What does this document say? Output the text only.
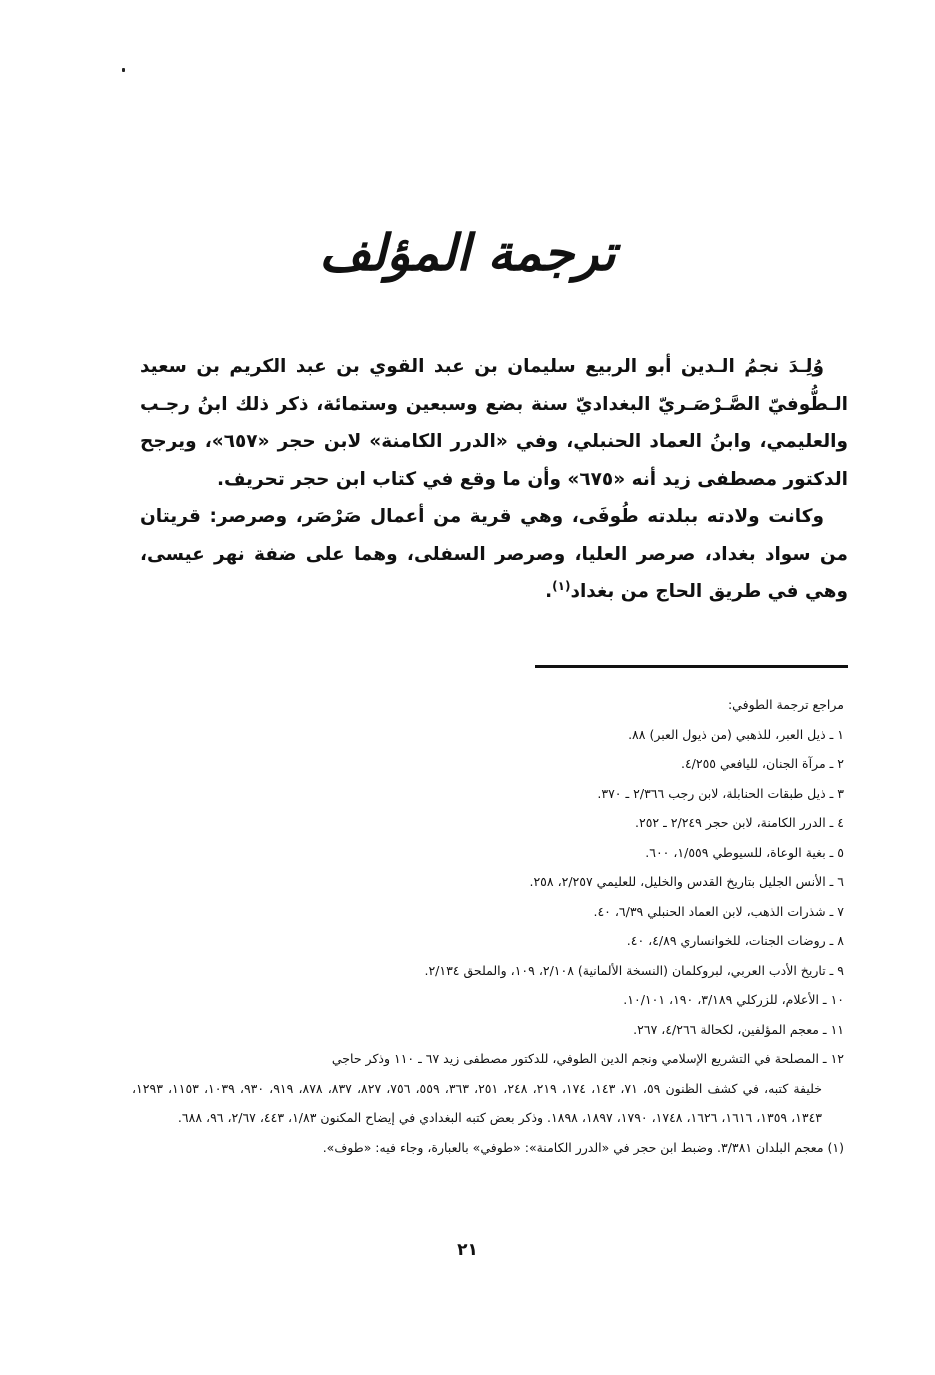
ترجمة المؤلف

وُلِـدَ نجمُ الـدين أبو الربيع سليمان بن عبد القوي بن عبد الكريم بن سعيد الـطُّوفيّ الصَّـرْصَـريّ البغداديّ سنة بضع وسبعين وستمائة، ذكر ذلك ابنُ رجـب والعليمي، وابنُ العماد الحنبلي، وفي «الدرر الكامنة» لابن حجر «٦٥٧»، ويرجح الدكتور مصطفى زيد أنه «٦٧٥» وأن ما وقع في كتاب ابن حجر تحريف.

وكانت ولادته ببلدته طُوفَى، وهي قرية من أعمال صَرْصَر، وصرصر: قريتان من سواد بغداد، صرصر العليا، وصرصر السفلى، وهما على ضفة نهر عيسى، وهي في طريق الحاج من بغداد$^{(١)}$.

مراجع ترجمة الطوفي:
١ ـ ذيل العبر، للذهبي (من ذيول العبر) ٨٨.
٢ ـ مرآة الجنان، لليافعي ٤/٢٥٥.
٣ ـ ذيل طبقات الحنابلة، لابن رجب ٢/٣٦٦ ـ ٣٧٠.
٤ ـ الدرر الكامنة، لابن حجر ٢/٢٤٩ ـ ٢٥٢.
٥ ـ بغية الوعاة، للسيوطي ١/٥٥٩، ٦٠٠.
٦ ـ الأنس الجليل بتاريخ القدس والخليل، للعليمي ٢/٢٥٧، ٢٥٨.
٧ ـ شذرات الذهب، لابن العماد الحنبلي ٦/٣٩، ٤٠.
٨ ـ روضات الجنات، للخوانساري ٤/٨٩، ٤٠.
٩ ـ تاريخ الأدب العربي، لبروكلمان (النسخة الألمانية) ٢/١٠٨، ١٠٩، والملحق ٢/١٣٤.
١٠ ـ الأعلام، للزركلي ٣/١٨٩، ١٩٠، ١٠/١٠١.
١١ ـ معجم المؤلفين، لكحالة ٤/٢٦٦، ٢٦٧.
١٢ ـ المصلحة في التشريع الإسلامي ونجم الدين الطوفي، للدكتور مصطفى زيد ٦٧ ـ ١١٠ وذكر حاجي
خليفة كتبه، في كشف الظنون ٥٩، ٧١، ١٤٣، ١٧٤، ٢١٩، ٢٤٨، ٢٥١، ٣٦٣، ٥٥٩، ٧٥٦، ٨٢٧، ٨٣٧، ٨٧٨، ٩١٩، ٩٣٠، ١٠٣٩، ١١٥٣، ١٢٩٣، ١٣٤٣، ١٣٥٩، ١٦١٦، ١٦٢٦، ١٧٤٨، ١٧٩٠، ١٨٩٧، ١٨٩٨. وذكر بعض كتبه البغدادي في إيضاح المكنون ١/٨٣، ٤٤٣، ٢/٦٧، ٩٦، ٦٨٨.
(١) معجم البلدان ٣/٣٨١. وضبط ابن حجر في «الدرر الكامنة»: «طوفي» بالعبارة، وجاء فيه: «طوف».
٢١
